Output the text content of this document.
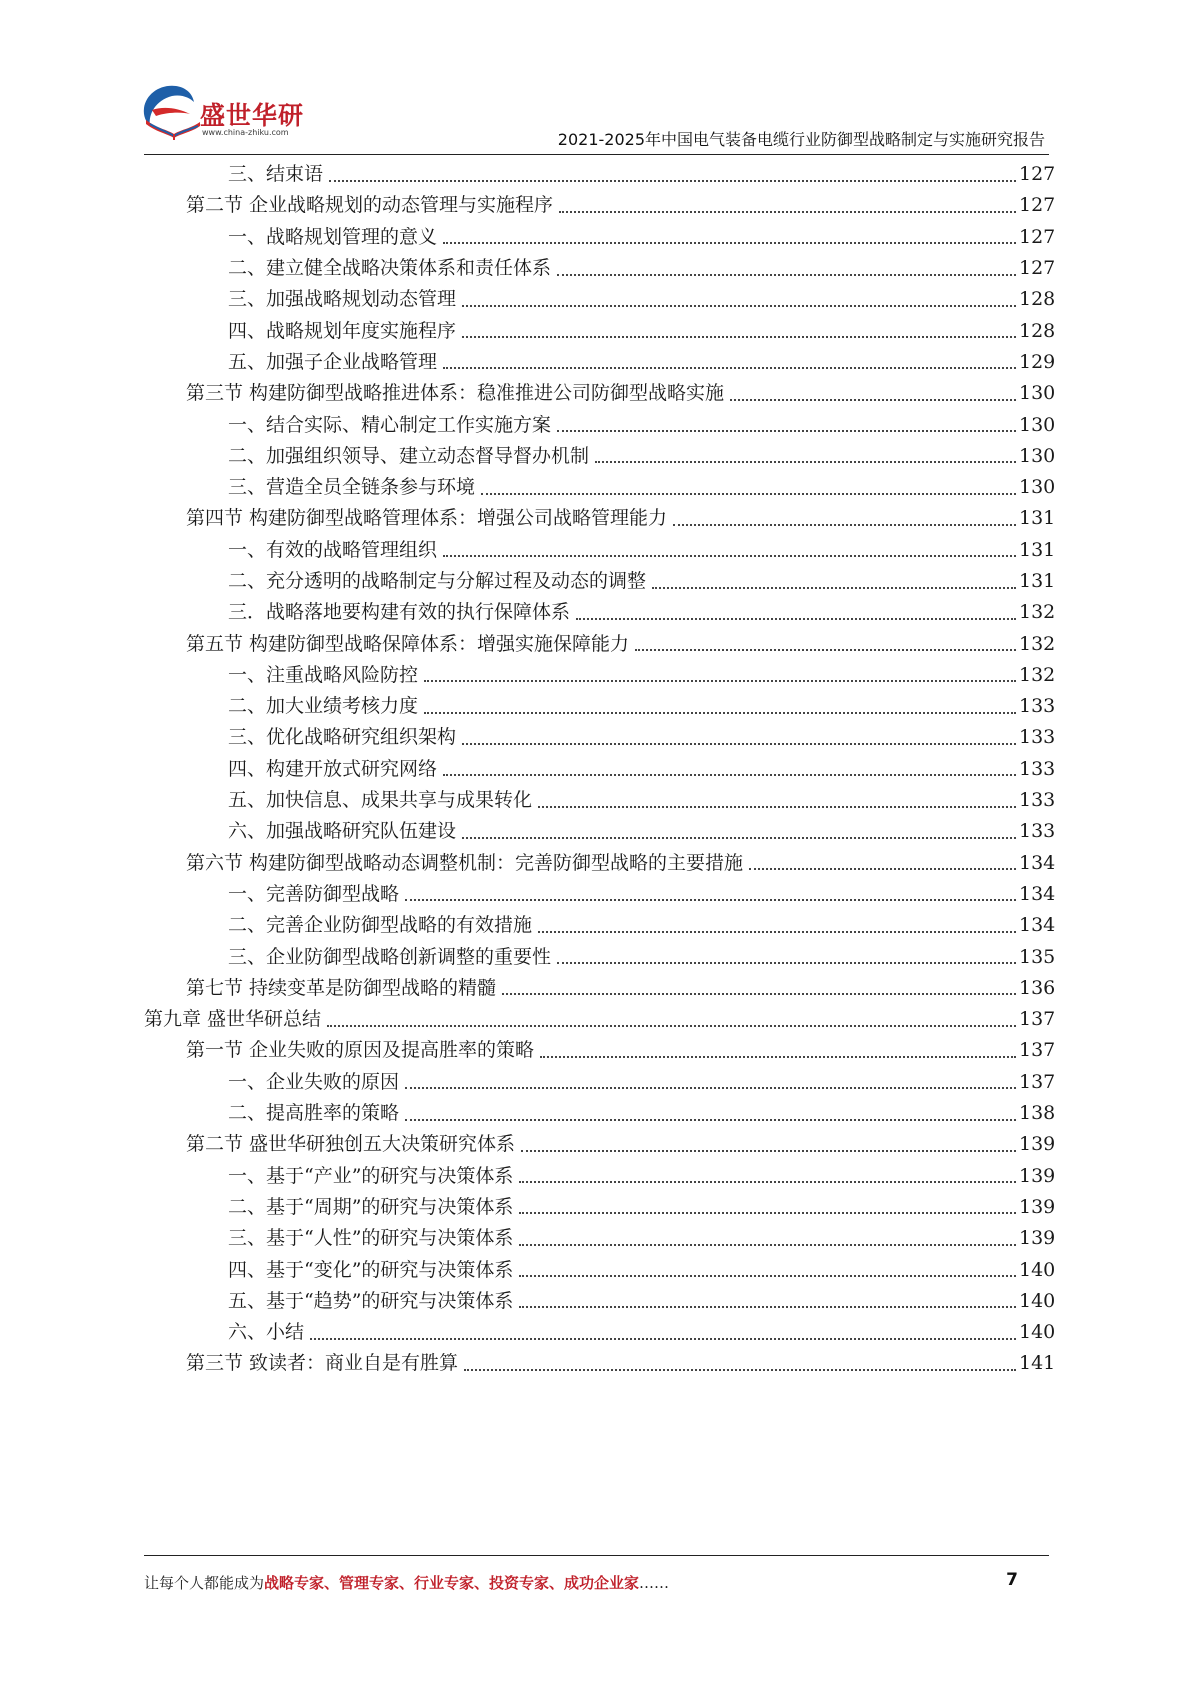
盛世华研
www.china-zhiku.com	2021-2025年中国电气装备电缆行业防御型战略制定与实施研究报告
三、结束语	127
第二节 企业战略规划的动态管理与实施程序	127
一、战略规划管理的意义	127
二、建立健全战略决策体系和责任体系	127
三、加强战略规划动态管理	128
四、战略规划年度实施程序	128
五、加强子企业战略管理	129
第三节 构建防御型战略推进体系：稳准推进公司防御型战略实施	130
一、结合实际、精心制定工作实施方案	130
二、加强组织领导、建立动态督导督办机制	130
三、营造全员全链条参与环境	130
第四节 构建防御型战略管理体系：增强公司战略管理能力	131
一、有效的战略管理组织	131
二、充分透明的战略制定与分解过程及动态的调整	131
三．战略落地要构建有效的执行保障体系	132
第五节 构建防御型战略保障体系：增强实施保障能力	132
一、注重战略风险防控	132
二、加大业绩考核力度	133
三、优化战略研究组织架构	133
四、构建开放式研究网络	133
五、加快信息、成果共享与成果转化	133
六、加强战略研究队伍建设	133
第六节 构建防御型战略动态调整机制：完善防御型战略的主要措施	134
一、完善防御型战略	134
二、完善企业防御型战略的有效措施	134
三、企业防御型战略创新调整的重要性	135
第七节 持续变革是防御型战略的精髓	136
第九章 盛世华研总结	137
第一节 企业失败的原因及提高胜率的策略	137
一、企业失败的原因	137
二、提高胜率的策略	138
第二节 盛世华研独创五大决策研究体系	139
一、基于“产业”的研究与决策体系	139
二、基于“周期”的研究与决策体系	139
三、基于“人性”的研究与决策体系	139
四、基于“变化”的研究与决策体系	140
五、基于“趋势”的研究与决策体系	140
六、小结	140
第三节 致读者：商业自是有胜算	141
让每个人都能成为战略专家、管理专家、行业专家、投资专家、成功企业家……	7
